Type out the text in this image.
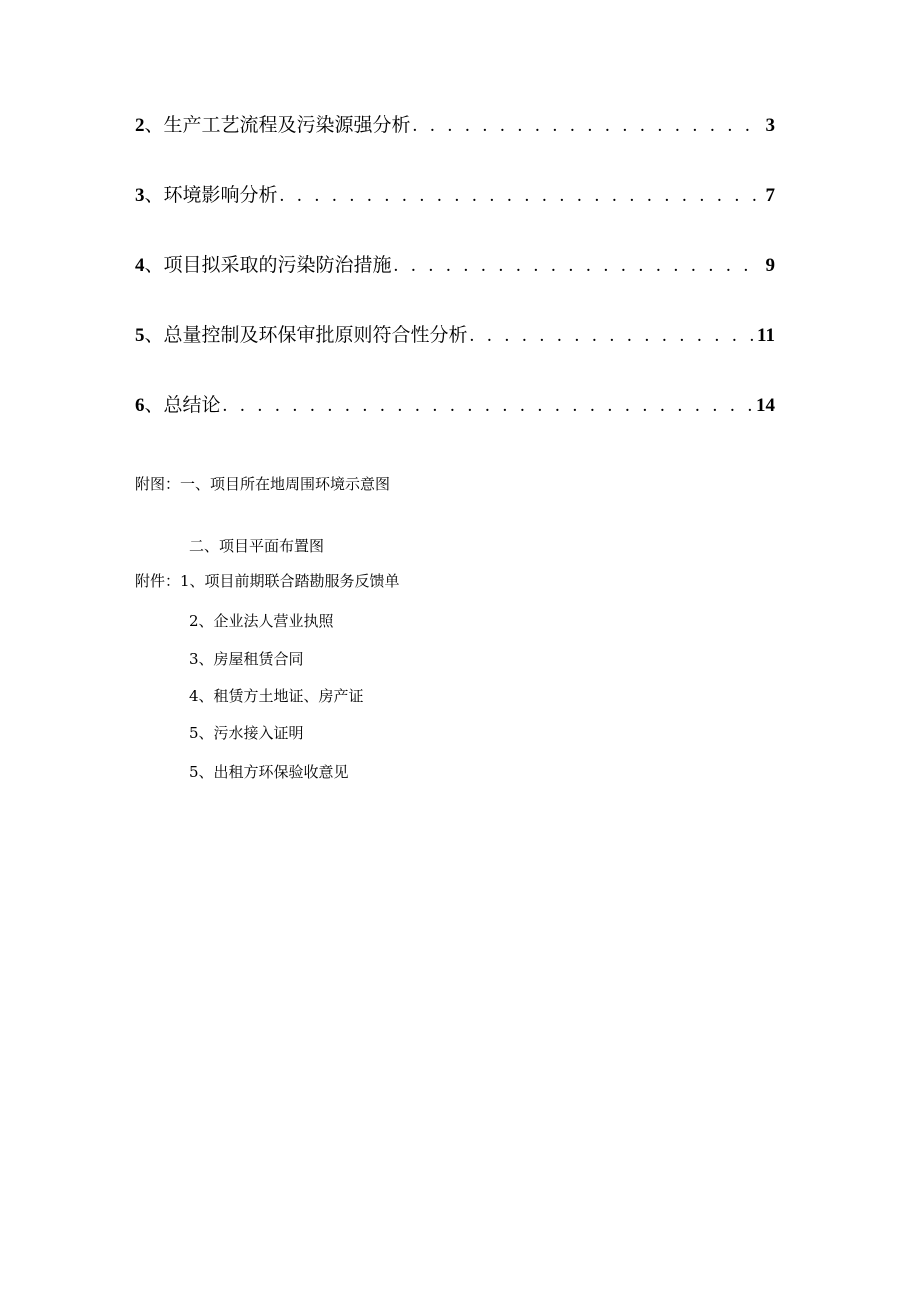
2 、 生产工艺流程及污染源强分析 . . .	3
3 、 环境影响分析 . . .	7
4 、 项目拟采取的污染防治措施 . . .	9
5 、 总量控制及环保审批原则符合性分析 . . .	11
6 、 总结论 . . .	14
附图：一、项目所在地周围环境示意图
二、项目平面布置图
附件：1、项目前期联合踏勘服务反馈单
2、企业法人营业执照
3、房屋租赁合同
4、租赁方土地证、房产证
5、污水接入证明
5、出租方环保验收意见
